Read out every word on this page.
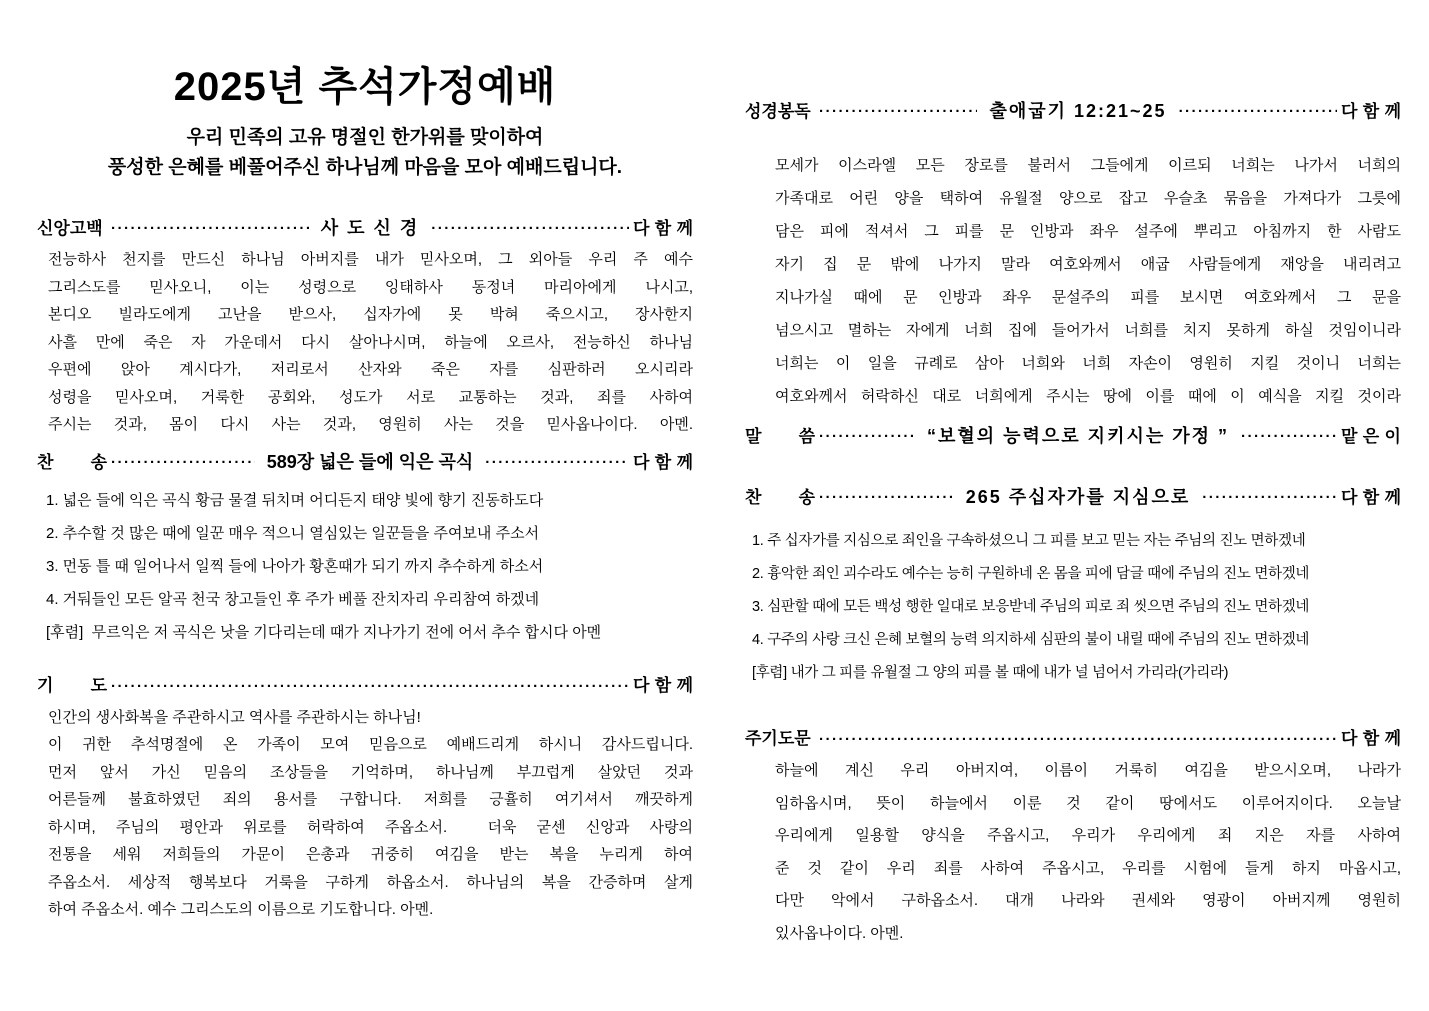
2025년 추석가정예배
우리 민족의 고유 명절인 한가위를 맞이하여
풍성한 은혜를 베풀어주신 하나님께 마음을 모아 예배드립니다.
신앙고백 ·····	사 도 신 경 ·····	다 함 께
전능하사 천지를 만드신 하나님 아버지를 내가 믿사오며, 그 외아들 우리 주 예수
그리스도를 믿사오니, 이는 성령으로 잉태하사 동정녀 마리아에게 나시고,
본디오 빌라도에게 고난을 받으사, 십자가에 못 박혀 죽으시고, 장사한지
사흘 만에 죽은 자 가운데서 다시 살아나시며, 하늘에 오르사, 전능하신 하나님
우편에 앉아 계시다가, 저리로서 산자와 죽은 자를 심판하러 오시리라
성령을 믿사오며, 거룩한 공회와, 성도가 서로 교통하는 것과, 죄를 사하여
주시는 것과, 몸이 다시 사는 것과, 영원히 사는 것을 믿사옵나이다. 아멘.
찬 송 ·····	589장 넓은 들에 익은 곡식 ·····	다 함 께
1. 넓은 들에 익은 곡식 황금 물결 뒤치며 어디든지 태양 빛에 향기 진동하도다
2. 추수할 것 많은 때에 일꾼 매우 적으니 열심있는 일꾼들을 주여보내 주소서
3. 먼동 틀 때 일어나서 일찍 들에 나아가 황혼때가 되기 까지 추수하게 하소서
4. 거둬들인 모든 알곡 천국 창고들인 후 주가 베풀 잔치자리 우리참여 하겠네
[후렴]  무르익은 저 곡식은 낫을 기다리는데 때가 지나가기 전에 어서 추수 합시다 아멘
기 도 ·····	다 함 께
인간의 생사화복을 주관하시고 역사를 주관하시는 하나님!
이 귀한 추석명절에 온 가족이 모여 믿음으로 예배드리게 하시니 감사드립니다.
먼저 앞서 가신 믿음의 조상들을 기억하며, 하나님께 부끄럽게 살았던 것과
어른들께 불효하였던 죄의 용서를 구합니다. 저희를 긍휼히 여기셔서 깨끗하게
하시며, 주님의 평안과 위로를 허락하여 주옵소서.  더욱 굳센 신앙과 사랑의
전통을 세워 저희들의 가문이 은총과 귀중히 여김을 받는 복을 누리게 하여
주옵소서. 세상적 행복보다 거룩을 구하게 하옵소서. 하나님의 복을 간증하며 살게
하여 주옵소서. 예수 그리스도의 이름으로 기도합니다. 아멘.
성경봉독 ·····	출애굽기 12:21~25 ·····	다 함 께
모세가 이스라엘 모든 장로를 불러서 그들에게 이르되 너희는 나가서 너희의
가족대로 어린 양을 택하여 유월절 양으로 잡고 우슬초 묶음을 가져다가 그릇에
담은 피에 적셔서 그 피를 문 인방과 좌우 설주에 뿌리고 아침까지 한 사람도
자기 집 문 밖에 나가지 말라 여호와께서 애굽 사람들에게 재앙을 내리려고
지나가실 때에 문 인방과 좌우 문설주의 피를 보시면 여호와께서 그 문을
넘으시고 멸하는 자에게 너희 집에 들어가서 너희를 치지 못하게 하실 것임이니라
너희는 이 일을 규례로 삼아 너희와 너희 자손이 영원히 지킬 것이니 너희는
여호와께서 허락하신 대로 너희에게 주시는 땅에 이를 때에 이 예식을 지킬 것이라
말 씀 ·····	“보혈의 능력으로 지키시는 가정 ” ·····	맡 은 이
찬 송 ·····	265 주십자가를 지심으로 ·····	다 함 께
1. 주 십자가를 지심으로 죄인을 구속하셨으니 그 피를 보고 믿는 자는 주님의 진노 면하겠네
2. 흉악한 죄인 괴수라도 예수는 능히 구원하네 온 몸을 피에 담글 때에 주님의 진노 면하겠네
3. 심판할 때에 모든 백성 행한 일대로 보응받네 주님의 피로 죄 씻으면 주님의 진노 면하겠네
4. 구주의 사랑 크신 은혜 보혈의 능력 의지하세 심판의 불이 내릴 때에 주님의 진노 면하겠네
[후렴] 내가 그 피를 유월절 그 양의 피를 볼 때에 내가 널 넘어서 가리라(가리라)
주기도문 ·····	다 함 께
하늘에 계신 우리 아버지여, 이름이 거룩히 여김을 받으시오며, 나라가
임하옵시며, 뜻이 하늘에서 이룬 것 같이 땅에서도 이루어지이다. 오늘날
우리에게 일용할 양식을 주옵시고, 우리가 우리에게 죄 지은 자를 사하여
준 것 같이 우리 죄를 사하여 주옵시고, 우리를 시험에 들게 하지 마옵시고,
다만 악에서 구하옵소서. 대개 나라와 권세와 영광이 아버지께 영원히
있사옵나이다. 아멘.
